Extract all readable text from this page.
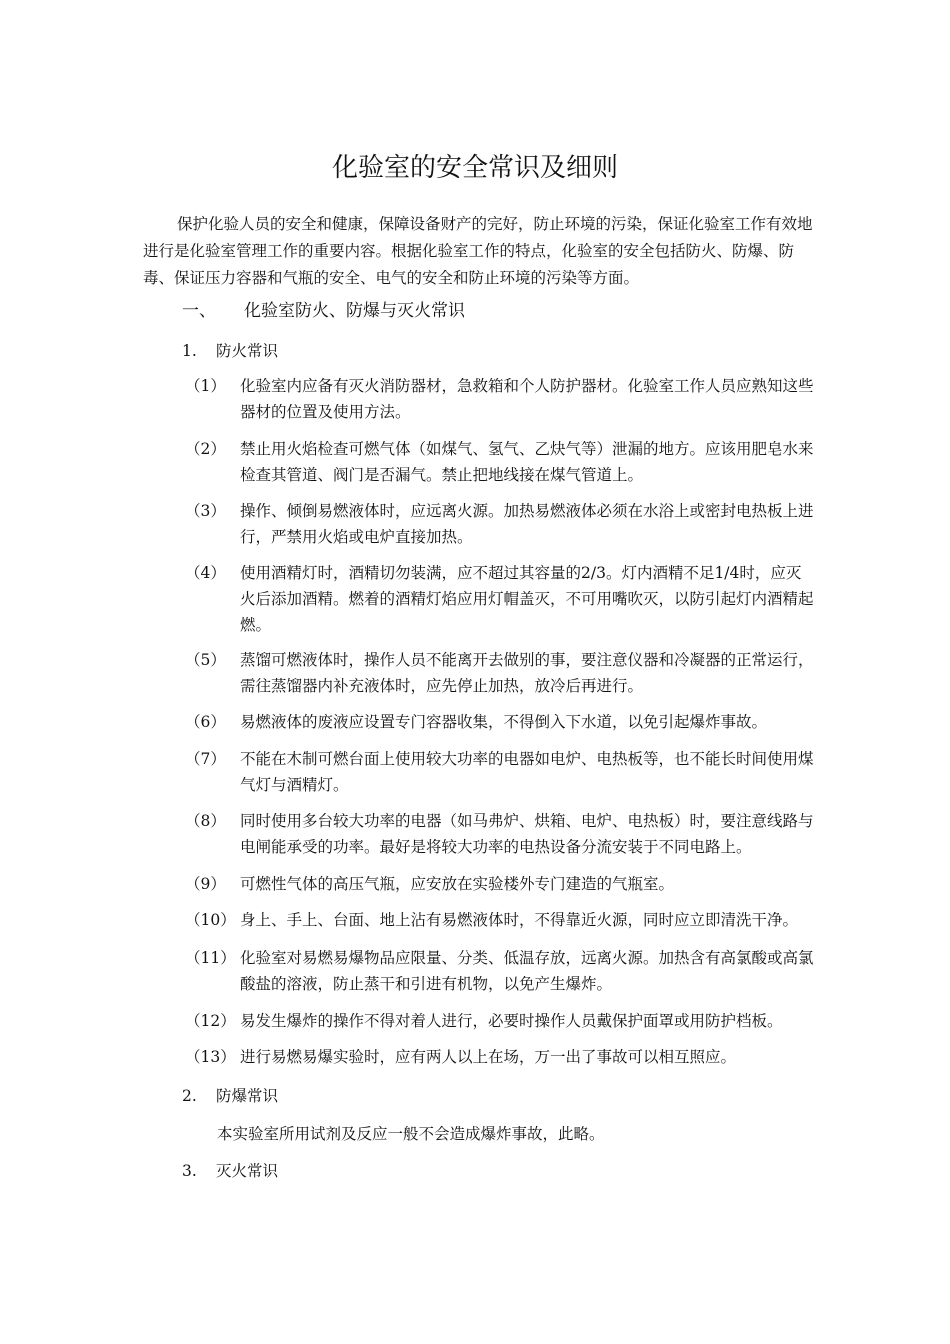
化验室的安全常识及细则

保护化验人员的安全和健康，保障设备财产的完好，防止环境的污染，保证化验室工作有效地进行是化验室管理工作的重要内容。根据化验室工作的特点，化验室的安全包括防火、防爆、防毒、保证压力容器和气瓶的安全、电气的安全和防止环境的污染等方面。

一、 化验室防火、防爆与灭火常识
1. 防火常识
（1） 化验室内应备有灭火消防器材，急救箱和个人防护器材。化验室工作人员应熟知这些器材的位置及使用方法。
（2） 禁止用火焰检查可燃气体（如煤气、氢气、乙炔气等）泄漏的地方。应该用肥皂水来检查其管道、阀门是否漏气。禁止把地线接在煤气管道上。
（3） 操作、倾倒易燃液体时，应远离火源。加热易燃液体必须在水浴上或密封电热板上进行，严禁用火焰或电炉直接加热。
（4） 使用酒精灯时，酒精切勿装满，应不超过其容量的2/3。灯内酒精不足1/4时，应灭火后添加酒精。燃着的酒精灯焰应用灯帽盖灭，不可用嘴吹灭，以防引起灯内酒精起燃。
（5） 蒸馏可燃液体时，操作人员不能离开去做别的事，要注意仪器和冷凝器的正常运行，需往蒸馏器内补充液体时，应先停止加热，放冷后再进行。
（6） 易燃液体的废液应设置专门容器收集，不得倒入下水道，以免引起爆炸事故。
（7） 不能在木制可燃台面上使用较大功率的电器如电炉、电热板等，也不能长时间使用煤气灯与酒精灯。
（8） 同时使用多台较大功率的电器（如马弗炉、烘箱、电炉、电热板）时，要注意线路与电闸能承受的功率。最好是将较大功率的电热设备分流安装于不同电路上。
（9） 可燃性气体的高压气瓶，应安放在实验楼外专门建造的气瓶室。
（10） 身上、手上、台面、地上沾有易燃液体时，不得靠近火源，同时应立即清洗干净。
（11） 化验室对易燃易爆物品应限量、分类、低温存放，远离火源。加热含有高氯酸或高氯酸盐的溶液，防止蒸干和引进有机物，以免产生爆炸。
（12） 易发生爆炸的操作不得对着人进行，必要时操作人员戴保护面罩或用防护档板。
（13） 进行易燃易爆实验时，应有两人以上在场，万一出了事故可以相互照应。
2. 防爆常识
本实验室所用试剂及反应一般不会造成爆炸事故，此略。
3. 灭火常识
